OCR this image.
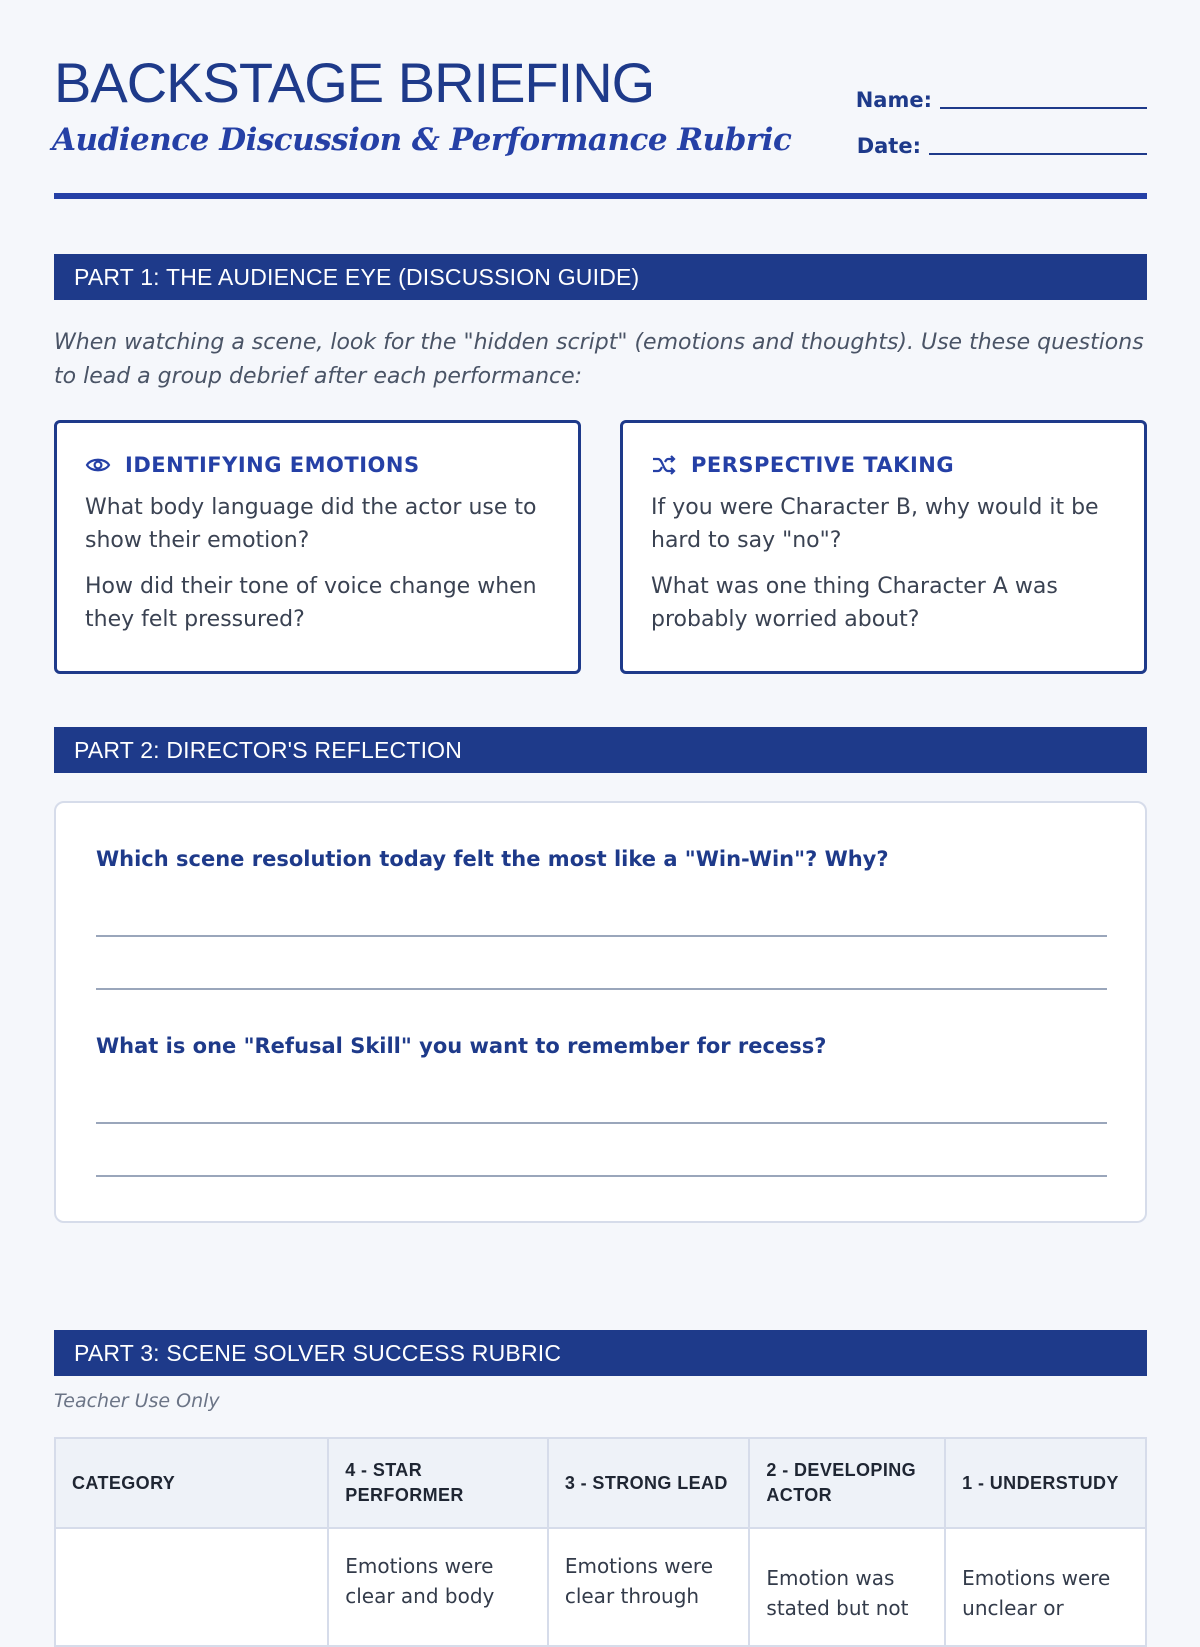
BACKSTAGE BRIEFING
Audience Discussion & Performance Rubric
Name:
Date:
PART 1: THE AUDIENCE EYE (DISCUSSION GUIDE)
When watching a scene, look for the "hidden script" (emotions and thoughts). Use these questions to lead a group debrief after each performance:
IDENTIFYING EMOTIONS

What body language did the actor use to show their emotion?

How did their tone of voice change when they felt pressured?

PERSPECTIVE TAKING

If you were Character B, why would it be hard to say "no"?

What was one thing Character A was probably worried about?

PART 2: DIRECTOR'S REFLECTION
Which scene resolution today felt the most like a "Win-Win"? Why?
What is one "Refusal Skill" you want to remember for recess?
PART 3: SCENE SOLVER SUCCESS RUBRIC
Teacher Use Only
CATEGORY	4 - STAR PERFORMER	3 - STRONG LEAD	2 - DEVELOPING ACTOR	1 - UNDERSTUDY
	Emotions were clear and body	Emotions were clear through	Emotion was stated but not	Emotions were unclear or
